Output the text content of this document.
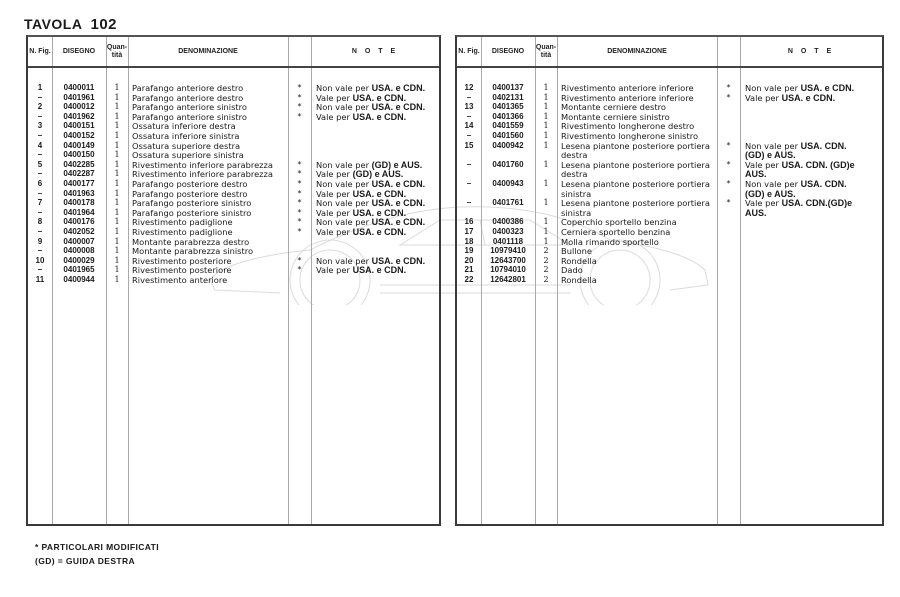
TAVOLA 102
N. Fig.	DISEGNO
Quan- tità
DENOMINAZIONE	N O T E
1	0400011	1	Parafango anteriore destro	*	Non vale per USA. e CDN.
–	0401961	1	Parafango anteriore destro	*	Vale per USA. e CDN.
2	0400012	1	Parafango anteriore sinistro	*	Non vale per USA. e CDN.
–	0401962	1	Parafango anteriore sinistro	*	Vale per USA. e CDN.
3	0400151	1	Ossatura inferiore destra
–	0400152	1	Ossatura inferiore sinistra
4	0400149	1	Ossatura superiore destra
–	0400150	1	Ossatura superiore sinistra
5	0402285	1	Rivestimento inferiore parabrezza	*	Non vale per (GD) e AUS.
–	0402287	1	Rivestimento inferiore parabrezza	*	Vale per (GD) e AUS.
6	0400177	1	Parafango posteriore destro	*	Non vale per USA. e CDN.
–	0401963	1	Parafango posteriore destro	*	Vale per USA. e CDN.
7	0400178	1	Parafango posteriore sinistro	*	Non vale per USA. e CDN.
–	0401964	1	Parafango posteriore sinistro	*	Vale per USA. e CDN.
8	0400176	1	Rivestimento padiglione	*	Non vale per USA. e CDN.
–	0402052	1	Rivestimento padiglione	*	Vale per USA. e CDN.
9	0400007	1	Montante parabrezza destro
–	0400008	1	Montante parabrezza sinistro
10	0400029	1	Rivestimento posteriore	*	Non vale per USA. e CDN.
–	0401965	1	Rivestimento posteriore	*	Vale per USA. e CDN.
11	0400944	1	Rivestimento anteriore
N. Fig.	DISEGNO
Quan- tità
DENOMINAZIONE	N O T E
12	0400137	1	Rivestimento anteriore inferiore	*	Non vale per USA. e CDN.
–	0402131	1	Rivestimento anteriore inferiore	*	Vale per USA. e CDN.
13	0401365	1	Montante cerniere destro
–	0401366	1	Montante cerniere sinistro
14	0401559	1	Rivestimento longherone destro
–	0401560	1	Rivestimento longherone sinistro
15	0400942	1	Lesena piantone posteriore portiera	*	Non vale per USA. CDN.
destra	(GD) e AUS.
–	0401760	1	Lesena piantone posteriore portiera	*	Vale per USA. CDN. (GD)e
destra	AUS.
–	0400943	1	Lesena piantone posteriore portiera	*	Non vale per USA. CDN.
sinistra	(GD) e AUS.
–	0401761	1	Lesena piantone posteriore portiera	*	Vale per USA. CDN.(GD)e
sinistra	AUS.
16	0400386	1	Coperchio sportello benzina
17	0400323	1	Cerniera sportello benzina
18	0401118	1	Molla rimando sportello
19	10979410	2	Bullone
20	12643700	2	Rondella
21	10794010	2	Dado
22	12642801	2	Rondella
* PARTICOLARI MODIFICATI
(GD) = GUIDA DESTRA
